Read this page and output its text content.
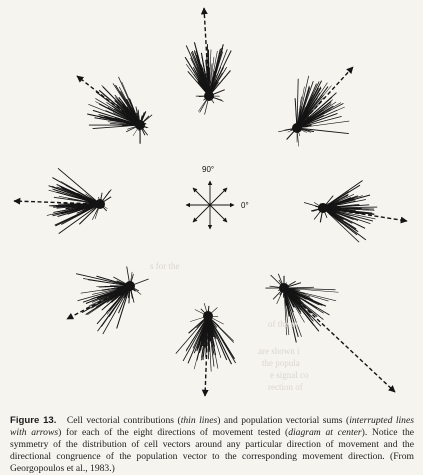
90°
0°
of the m
are shown i
the popula
e signal co
rection of
s for the

Figure 13. Cell vectorial contributions (thin lines) and population vectorial sums (interrupted lines with arrows) for each of the eight directions of movement tested (diagram at center). Notice the symmetry of the distribution of cell vectors around any particular direction of movement and the directional congruence of the population vector to the corresponding movement direction. (From Georgopoulos et al., 1983.)
